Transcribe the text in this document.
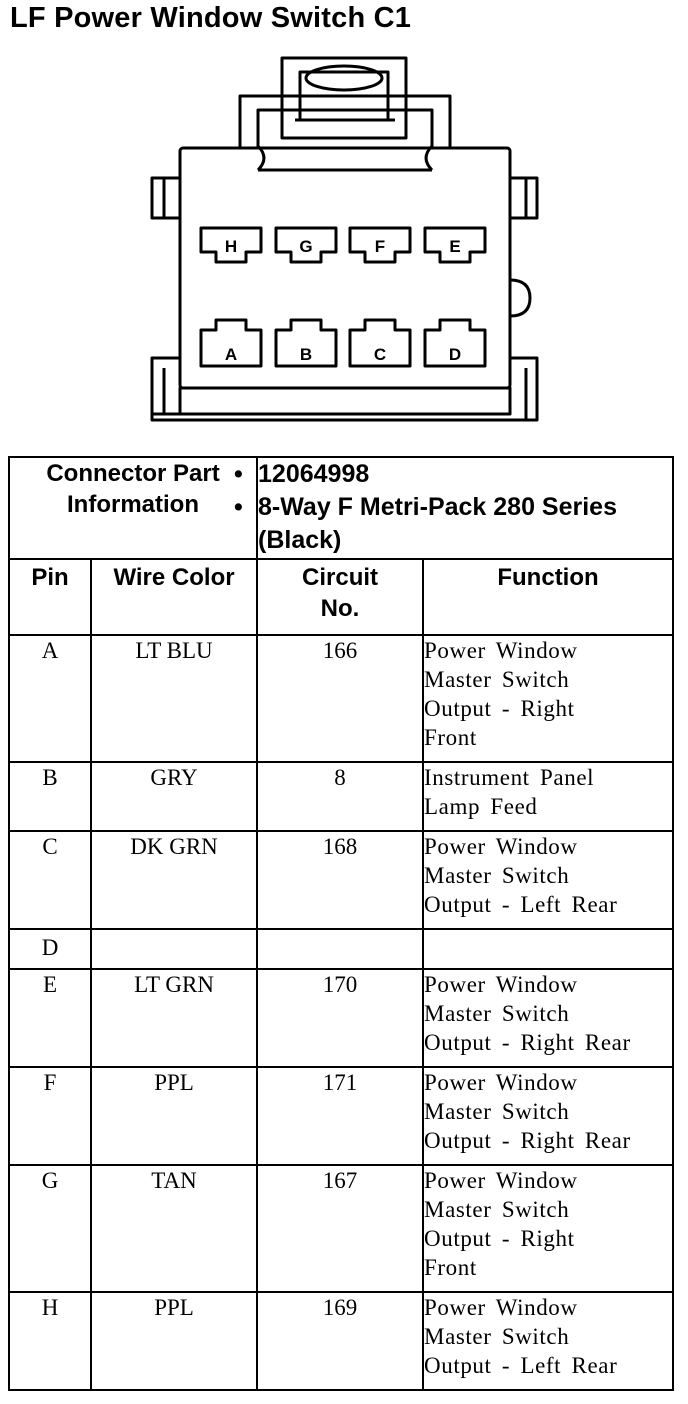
LF Power Window Switch C1
H	G	F	E
A	B	C	D
Connector Part Information		• 12064998
• 8-Way F Metri-Pack 280 Series (Black)	

Pin	Wire Color	Circuit No.	Function
A	LT BLU	166	Power Window
Master Switch
Output - Right
Front
B	GRY	8	Instrument Panel
Lamp Feed
C	DK GRN	168	Power Window
Master Switch
Output - Left Rear
D			
E	LT GRN	170	Power Window
Master Switch
Output - Right Rear
F	PPL	171	Power Window
Master Switch
Output - Right Rear
G	TAN	167	Power Window
Master Switch
Output - Right
Front
H	PPL	169	Power Window
Master Switch
Output - Left Rear
